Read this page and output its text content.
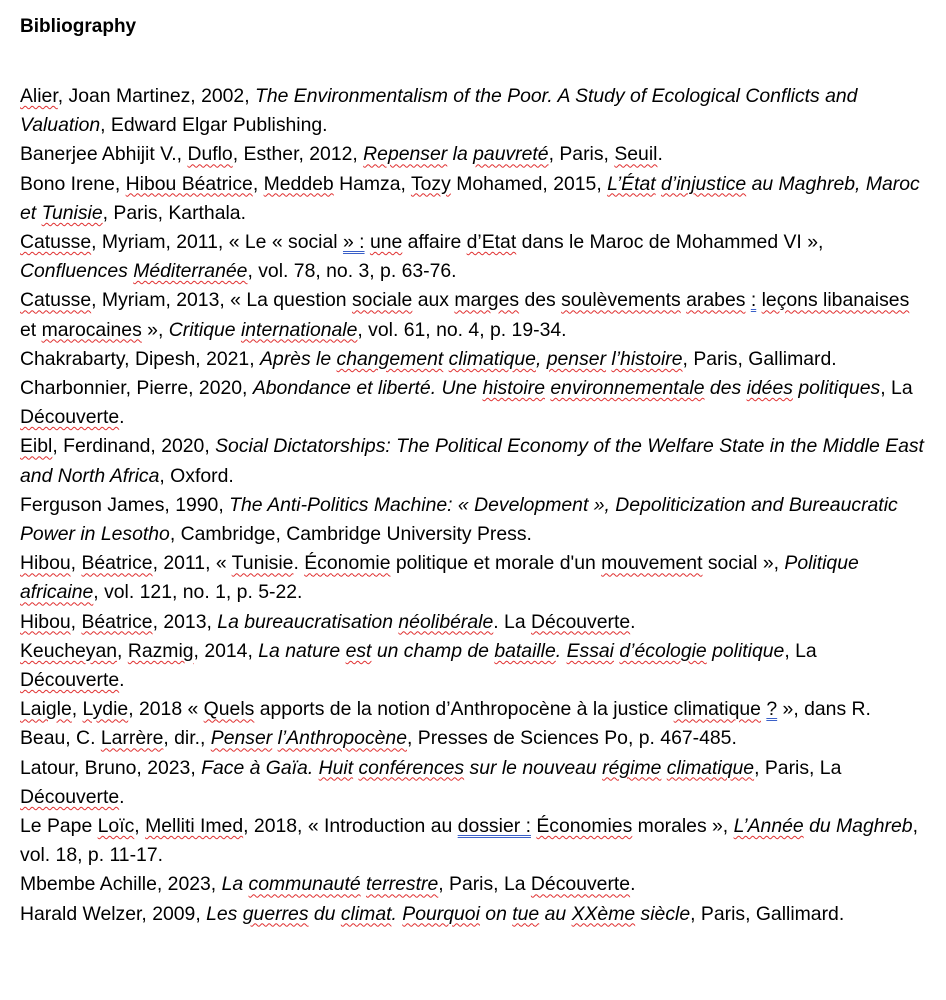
Bibliography

Alier, Joan Martinez, 2002, The Environmentalism of the Poor. A Study of Ecological Conflicts and Valuation, Edward Elgar Publishing.

Banerjee Abhijit V., Duflo, Esther, 2012, Repenser la pauvreté, Paris, Seuil.

Bono Irene, Hibou Béatrice, Meddeb Hamza, Tozy Mohamed, 2015, L’État d’injustice au Maghreb, Maroc et Tunisie, Paris, Karthala.

Catusse, Myriam, 2011, « Le « social » : une affaire d’Etat dans le Maroc de Mohammed VI », Confluences Méditerranée, vol. 78, no. 3, p. 63-76.

Catusse, Myriam, 2013, « La question sociale aux marges des soulèvements arabes : leçons libanaises et marocaines », Critique internationale, vol. 61, no. 4, p. 19-34.

Chakrabarty, Dipesh, 2021, Après le changement climatique, penser l’histoire, Paris, Gallimard.

Charbonnier, Pierre, 2020, Abondance et liberté. Une histoire environnementale des idées politiques, La Découverte.

Eibl, Ferdinand, 2020, Social Dictatorships: The Political Economy of the Welfare State in the Middle East and North Africa, Oxford.

Ferguson James, 1990, The Anti-Politics Machine: « Development », Depoliticization and Bureaucratic Power in Lesotho, Cambridge, Cambridge University Press.

Hibou, Béatrice, 2011, « Tunisie. Économie politique et morale d'un mouvement social », Politique africaine, vol. 121, no. 1, p. 5-22.

Hibou, Béatrice, 2013, La bureaucratisation néolibérale. La Découverte.

Keucheyan, Razmig, 2014, La nature est un champ de bataille. Essai d’écologie politique, La Découverte.

Laigle, Lydie, 2018 « Quels apports de la notion d’Anthropocène à la justice climatique ? », dans R. Beau, C. Larrère, dir., Penser l’Anthropocène, Presses de Sciences Po, p. 467-485.

Latour, Bruno, 2023, Face à Gaïa. Huit conférences sur le nouveau régime climatique, Paris, La Découverte.

Le Pape Loïc, Melliti Imed, 2018, « Introduction au dossier : Économies morales », L’Année du Maghreb, vol. 18, p. 11-17.

Mbembe Achille, 2023, La communauté terrestre, Paris, La Découverte.

Harald Welzer, 2009, Les guerres du climat. Pourquoi on tue au XXème siècle, Paris, Gallimard.
